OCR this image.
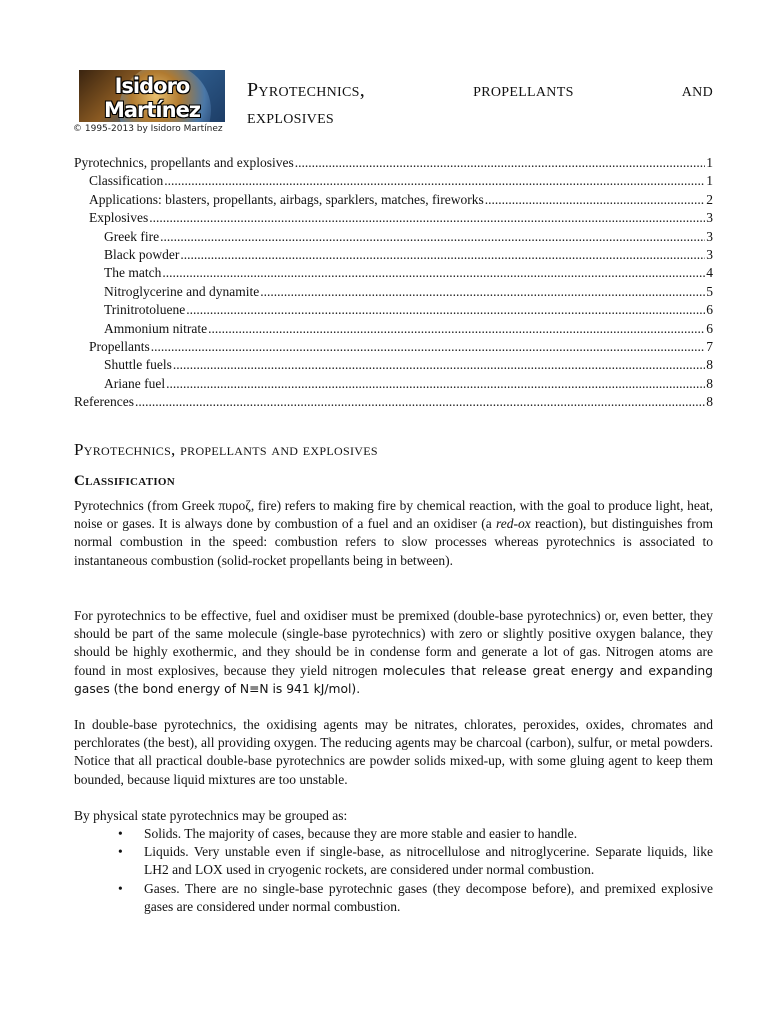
Isidoro Martínez
© 1995-2013 by Isidoro Martínez
Pyrotechnics,	propellants	and
explosives
Pyrotechnics, propellants and explosives .....	1
Classification .....	1
Applications: blasters, propellants, airbags, sparklers, matches, fireworks .....	2
Explosives .....	3
Greek fire .....	3
Black powder .....	3
The match .....	4
Nitroglycerine and dynamite .....	5
Trinitrotoluene .....	6
Ammonium nitrate .....	6
Propellants .....	7
Shuttle fuels .....	8
Ariane fuel .....	8
References .....	8
Pyrotechnics, propellants and explosives
Classification
Pyrotechnics (from Greek πυροζ, fire) refers to making fire by chemical reaction, with the goal to produce light, heat, noise or gases. It is always done by combustion of a fuel and an oxidiser (a red-ox reaction), but distinguishes from normal combustion in the speed: combustion refers to slow processes whereas pyrotechnics is associated to instantaneous combustion (solid-rocket propellants being in between).
For pyrotechnics to be effective, fuel and oxidiser must be premixed (double-base pyrotechnics) or, even better, they should be part of the same molecule (single-base pyrotechnics) with zero or slightly positive oxygen balance, they should be highly exothermic, and they should be in condense form and generate a lot of gas. Nitrogen atoms are found in most explosives, because they yield nitrogen molecules that release great energy and expanding gases (the bond energy of N≡N is 941 kJ/mol).
In double-base pyrotechnics, the oxidising agents may be nitrates, chlorates, peroxides, oxides, chromates and perchlorates (the best), all providing oxygen. The reducing agents may be charcoal (carbon), sulfur, or metal powders. Notice that all practical double-base pyrotechnics are powder solids mixed-up, with some gluing agent to keep them bounded, because liquid mixtures are too unstable.
By physical state pyrotechnics may be grouped as:
• Solids. The majority of cases, because they are more stable and easier to handle.
• Liquids. Very unstable even if single-base, as nitrocellulose and nitroglycerine. Separate liquids, like LH2 and LOX used in cryogenic rockets, are considered under normal combustion.
• Gases. There are no single-base pyrotechnic gases (they decompose before), and premixed explosive gases are considered under normal combustion.
